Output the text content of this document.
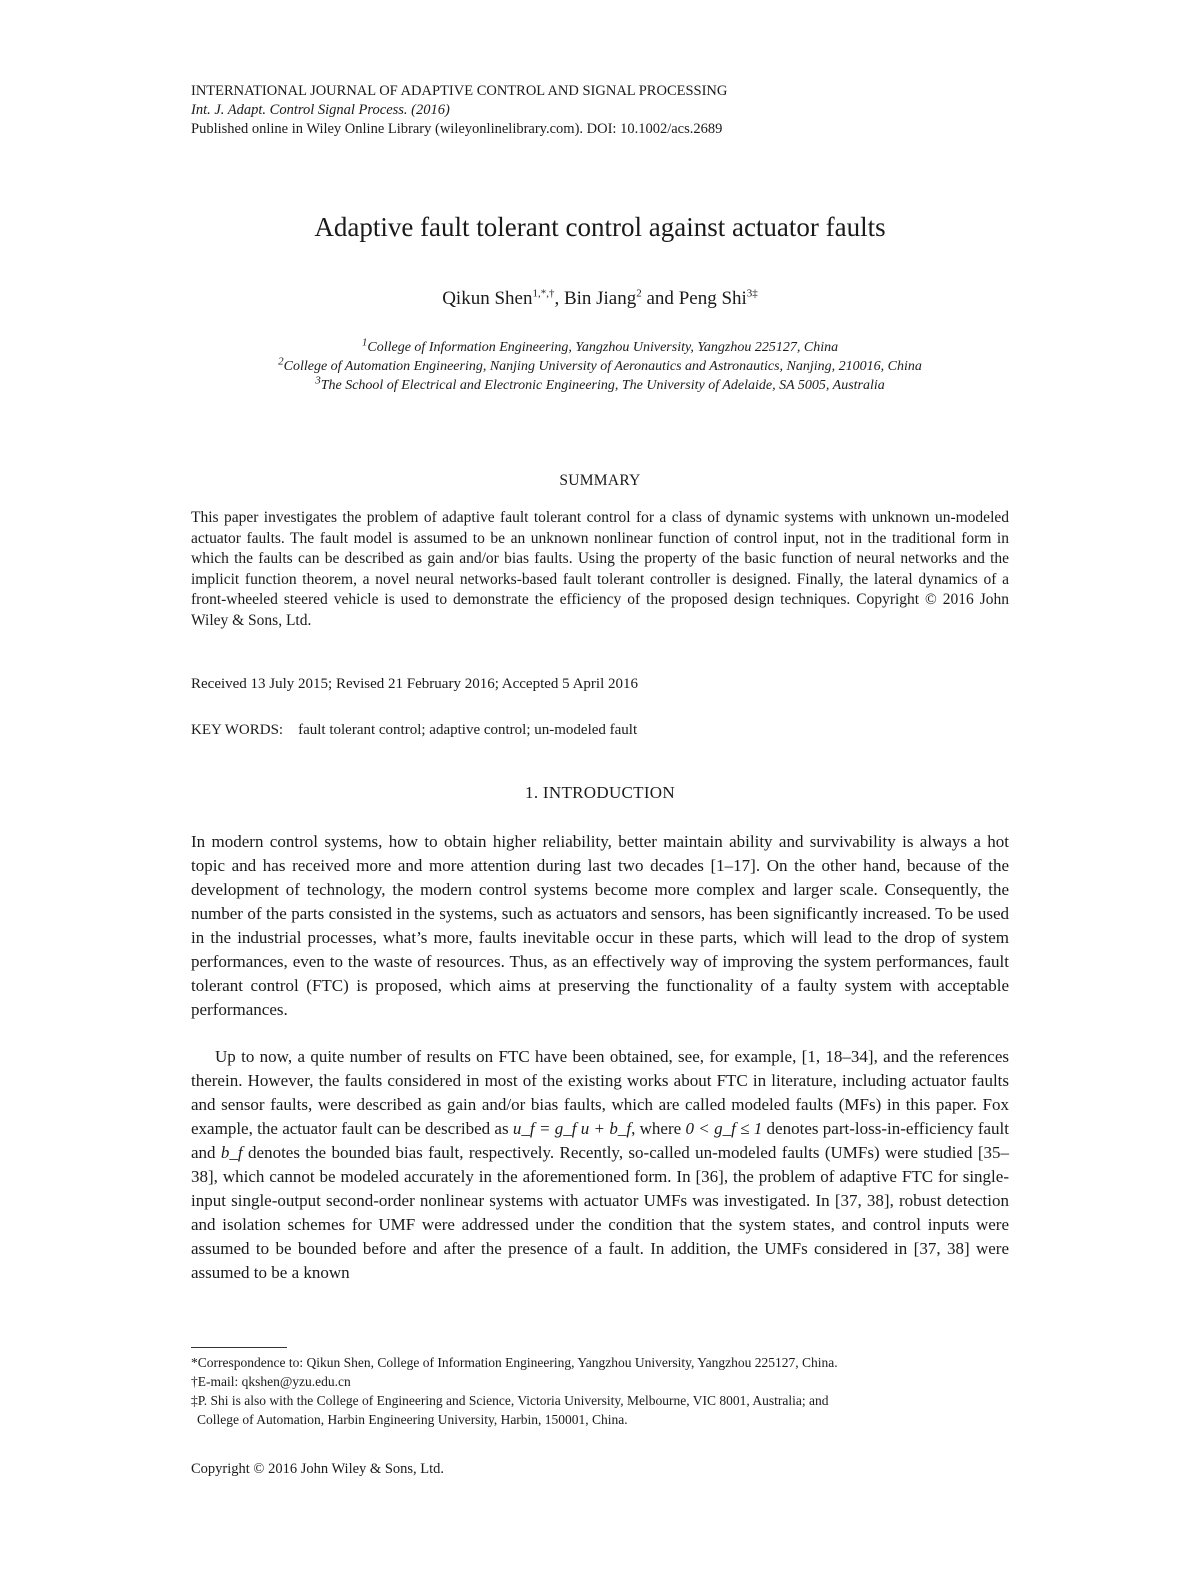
INTERNATIONAL JOURNAL OF ADAPTIVE CONTROL AND SIGNAL PROCESSING
Int. J. Adapt. Control Signal Process. (2016)
Published online in Wiley Online Library (wileyonlinelibrary.com). DOI: 10.1002/acs.2689
Adaptive fault tolerant control against actuator faults
Qikun Shen$^{1,*,\dagger}$, Bin Jiang$^2$ and Peng Shi$^{3\ddagger}$
$^1$College of Information Engineering, Yangzhou University, Yangzhou 225127, China
$^2$College of Automation Engineering, Nanjing University of Aeronautics and Astronautics, Nanjing, 210016, China
$^3$The School of Electrical and Electronic Engineering, The University of Adelaide, SA 5005, Australia
SUMMARY
This paper investigates the problem of adaptive fault tolerant control for a class of dynamic systems with unknown un-modeled actuator faults. The fault model is assumed to be an unknown nonlinear function of control input, not in the traditional form in which the faults can be described as gain and/or bias faults. Using the property of the basic function of neural networks and the implicit function theorem, a novel neural networks-based fault tolerant controller is designed. Finally, the lateral dynamics of a front-wheeled steered vehicle is used to demonstrate the efficiency of the proposed design techniques. Copyright © 2016 John Wiley & Sons, Ltd.
Received 13 July 2015; Revised 21 February 2016; Accepted 5 April 2016
KEY WORDS: fault tolerant control; adaptive control; un-modeled fault
1. INTRODUCTION
In modern control systems, how to obtain higher reliability, better maintain ability and survivability is always a hot topic and has received more and more attention during last two decades [1–17]. On the other hand, because of the development of technology, the modern control systems become more complex and larger scale. Consequently, the number of the parts consisted in the systems, such as actuators and sensors, has been significantly increased. To be used in the industrial processes, what’s more, faults inevitable occur in these parts, which will lead to the drop of system performances, even to the waste of resources. Thus, as an effectively way of improving the system performances, fault tolerant control (FTC) is proposed, which aims at preserving the functionality of a faulty system with acceptable performances.
Up to now, a quite number of results on FTC have been obtained, see, for example, [1, 18–34], and the references therein. However, the faults considered in most of the existing works about FTC in literature, including actuator faults and sensor faults, were described as gain and/or bias faults, which are called modeled faults (MFs) in this paper. Fox example, the actuator fault can be described as u_f = g_f u + b_f, where 0 < g_f ≤ 1 denotes part-loss-in-efficiency fault and b_f denotes the bounded bias fault, respectively. Recently, so-called un-modeled faults (UMFs) were studied [35–38], which cannot be modeled accurately in the aforementioned form. In [36], the problem of adaptive FTC for single-input single-output second-order nonlinear systems with actuator UMFs was investigated. In [37, 38], robust detection and isolation schemes for UMF were addressed under the condition that the system states, and control inputs were assumed to be bounded before and after the presence of a fault. In addition, the UMFs considered in [37, 38] were assumed to be a known
*Correspondence to: Qikun Shen, College of Information Engineering, Yangzhou University, Yangzhou 225127, China.
†E-mail: qkshen@yzu.edu.cn
‡P. Shi is also with the College of Engineering and Science, Victoria University, Melbourne, VIC 8001, Australia; and
College of Automation, Harbin Engineering University, Harbin, 150001, China.
Copyright © 2016 John Wiley & Sons, Ltd.
